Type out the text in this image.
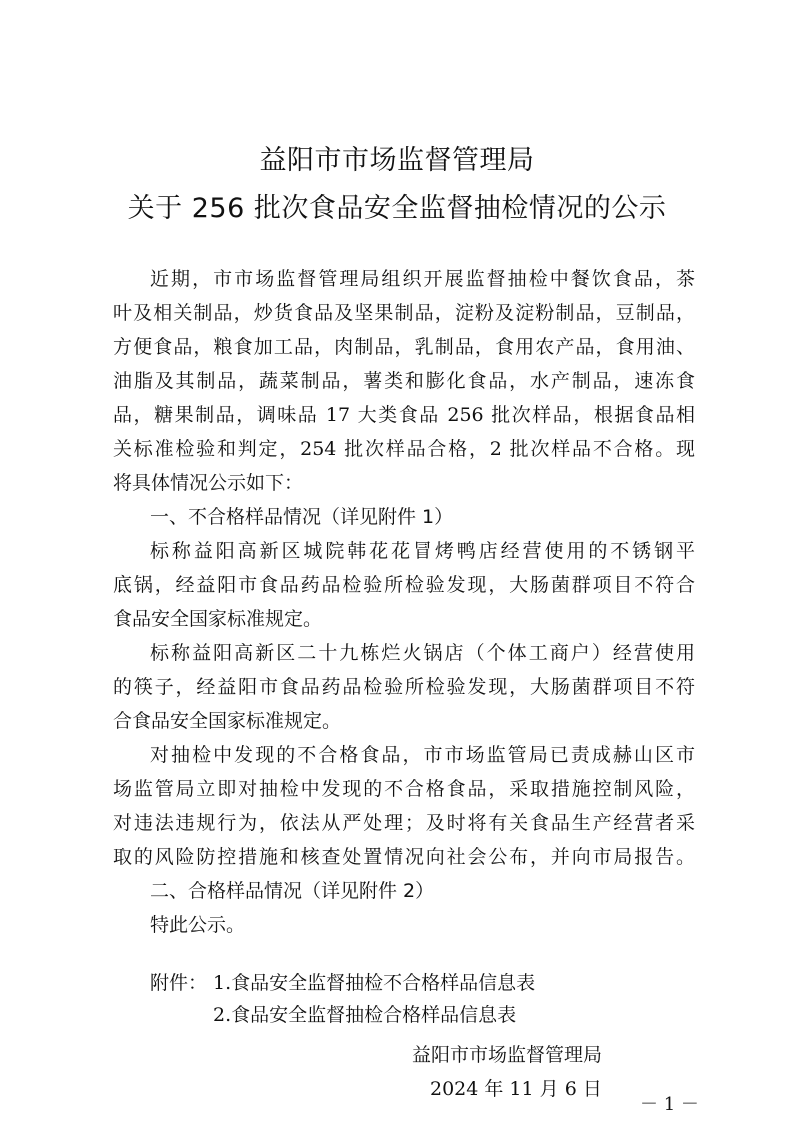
益阳市市场监督管理局
关于 256 批次食品安全监督抽检情况的公示
近期，市市场监督管理局组织开展监督抽检中餐饮食品，茶
叶及相关制品，炒货食品及坚果制品，淀粉及淀粉制品，豆制品，
方便食品，粮食加工品，肉制品，乳制品，食用农产品，食用油、
油脂及其制品，蔬菜制品，薯类和膨化食品，水产制品，速冻食
品，糖果制品，调味品 17 大类食品 256 批次样品，根据食品相
关标准检验和判定，254 批次样品合格，2 批次样品不合格。现
将具体情况公示如下：
一、不合格样品情况（详见附件 1）
标称益阳高新区城院韩花花冒烤鸭店经营使用的不锈钢平
底锅，经益阳市食品药品检验所检验发现，大肠菌群项目不符合
食品安全国家标准规定。
标称益阳高新区二十九栋烂火锅店（个体工商户）经营使用
的筷子，经益阳市食品药品检验所检验发现，大肠菌群项目不符
合食品安全国家标准规定。
对抽检中发现的不合格食品，市市场监管局已责成赫山区市
场监管局立即对抽检中发现的不合格食品，采取措施控制风险，
对违法违规行为，依法从严处理；及时将有关食品生产经营者采
取的风险防控措施和核查处置情况向社会公布，并向市局报告。
二、合格样品情况（详见附件 2）
特此公示。
附件： 1.食品安全监督抽检不合格样品信息表
2.食品安全监督抽检合格样品信息表
益阳市市场监督管理局
2024 年 11 月 6 日
－ 1 －
